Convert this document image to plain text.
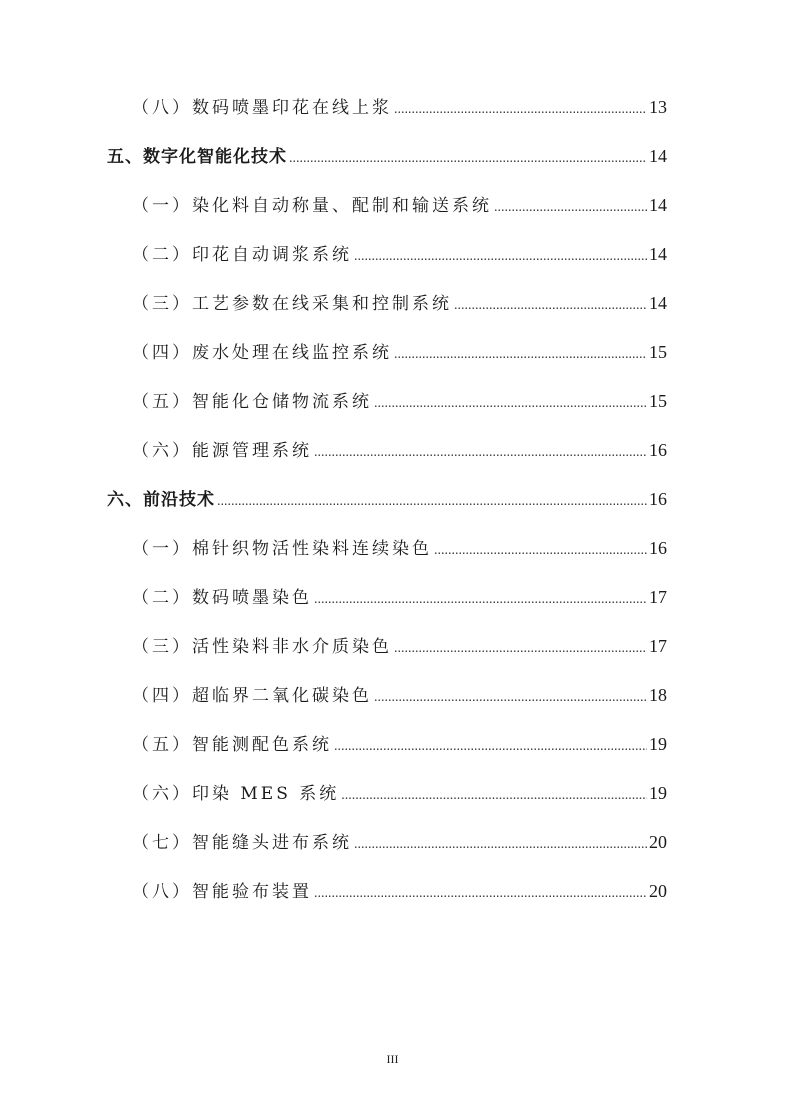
（八）数码喷墨印花在线上浆 .....	13
五、数字化智能化技术 .....	14
（一）染化料自动称量、配制和输送系统 .....	14
（二）印花自动调浆系统 .....	14
（三）工艺参数在线采集和控制系统 .....	14
（四）废水处理在线监控系统 .....	15
（五）智能化仓储物流系统 .....	15
（六）能源管理系统 .....	16
六、前沿技术 .....	16
（一）棉针织物活性染料连续染色 .....	16
（二）数码喷墨染色 .....	17
（三）活性染料非水介质染色 .....	17
（四）超临界二氧化碳染色 .....	18
（五）智能测配色系统 .....	19
（六）印染 MES 系统 .....	19
（七）智能缝头进布系统 .....	20
（八）智能验布装置 .....	20
III
